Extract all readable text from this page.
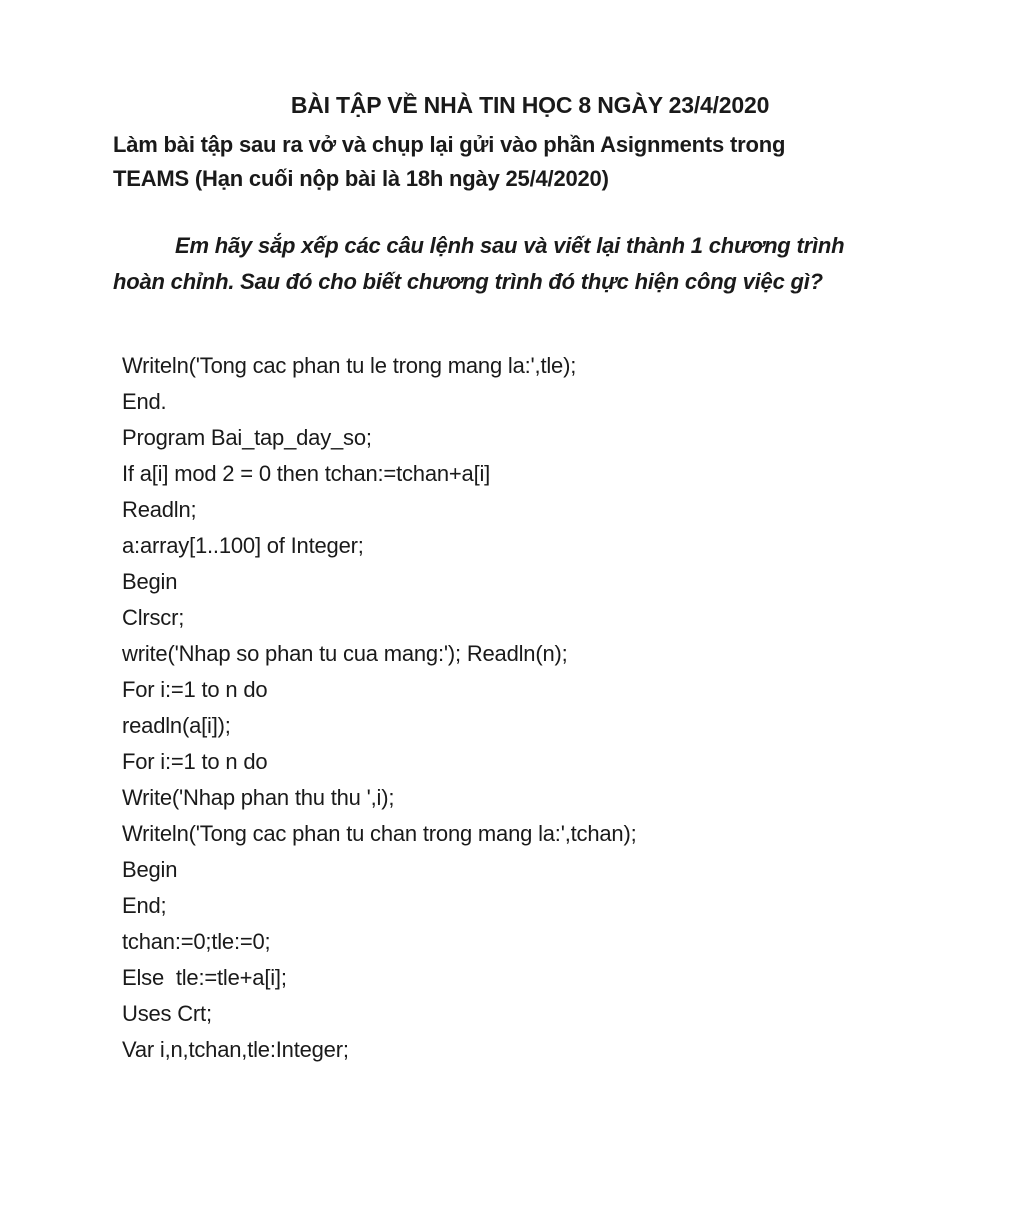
BÀI TẬP VỀ NHÀ TIN HỌC 8 NGÀY 23/4/2020
Làm bài tập sau ra vở và chụp lại gửi vào phần Asignments trong
TEAMS (Hạn cuối nộp bài là 18h ngày 25/4/2020)
Em hãy sắp xếp các câu lệnh sau và viết lại thành 1 chương trình
hoàn chỉnh. Sau đó cho biết chương trình đó thực hiện công việc gì?
Writeln('Tong cac phan tu le trong mang la:',tle);
End.
Program Bai_tap_day_so;
If a[i] mod 2 = 0 then tchan:=tchan+a[i]
Readln;
a:array[1..100] of Integer;
Begin
Clrscr;
write('Nhap so phan tu cua mang:'); Readln(n);
For i:=1 to n do
readln(a[i]);
For i:=1 to n do
Write('Nhap phan thu thu ',i);
Writeln('Tong cac phan tu chan trong mang la:',tchan);
Begin
End;
tchan:=0;tle:=0;
Else  tle:=tle+a[i];
Uses Crt;
Var i,n,tchan,tle:Integer;
